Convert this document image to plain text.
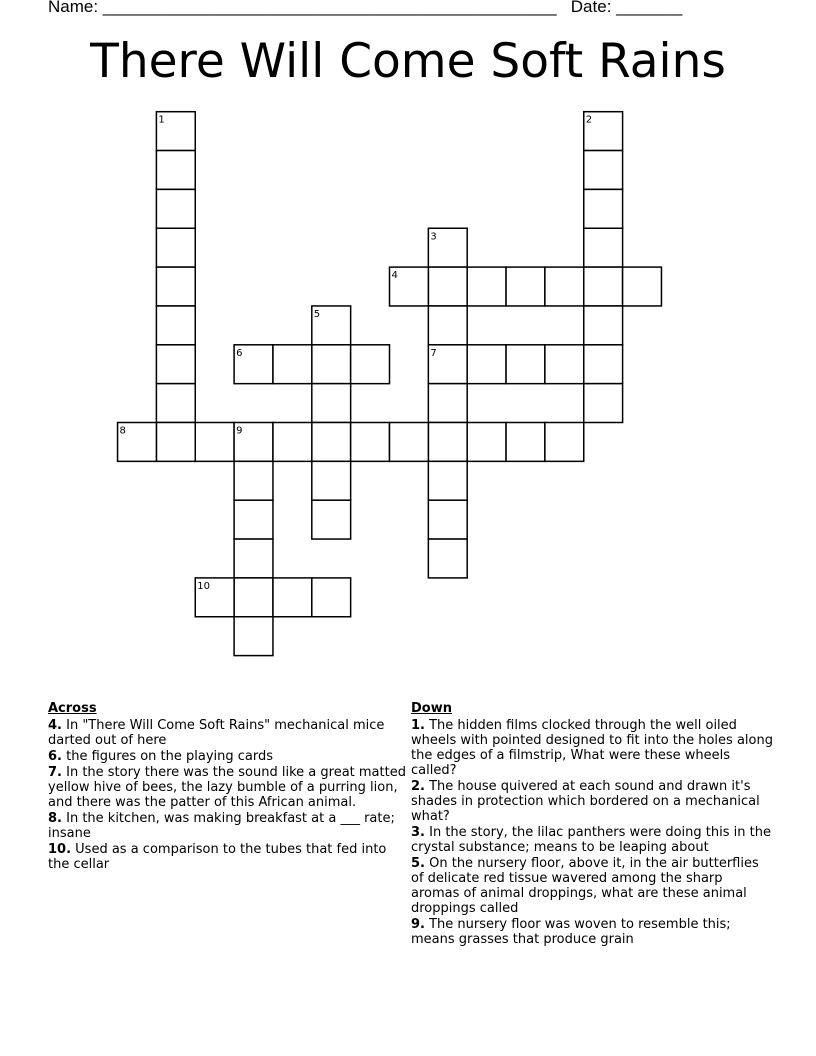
Name: ________________________________________________   Date: _______
There Will Come Soft Rains
1	2
3
4
5
6	7
8	9
10
Across
4. In "There Will Come Soft Rains" mechanical mice darted out of here
6. the figures on the playing cards
7. In the story there was the sound like a great matted yellow hive of bees, the lazy bumble of a purring lion, and there was the patter of this African animal.
8. In the kitchen, was making breakfast at a ___ rate; insane
10. Used as a comparison to the tubes that fed into the cellar
Down
1. The hidden films clocked through the well oiled wheels with pointed designed to fit into the holes along the edges of a filmstrip, What were these wheels called?
2. The house quivered at each sound and drawn it's shades in protection which bordered on a mechanical what?
3. In the story, the lilac panthers were doing this in the crystal substance; means to be leaping about
5. On the nursery floor, above it, in the air butterflies of delicate red tissue wavered among the sharp aromas of animal droppings, what are these animal droppings called
9. The nursery floor was woven to resemble this; means grasses that produce grain
